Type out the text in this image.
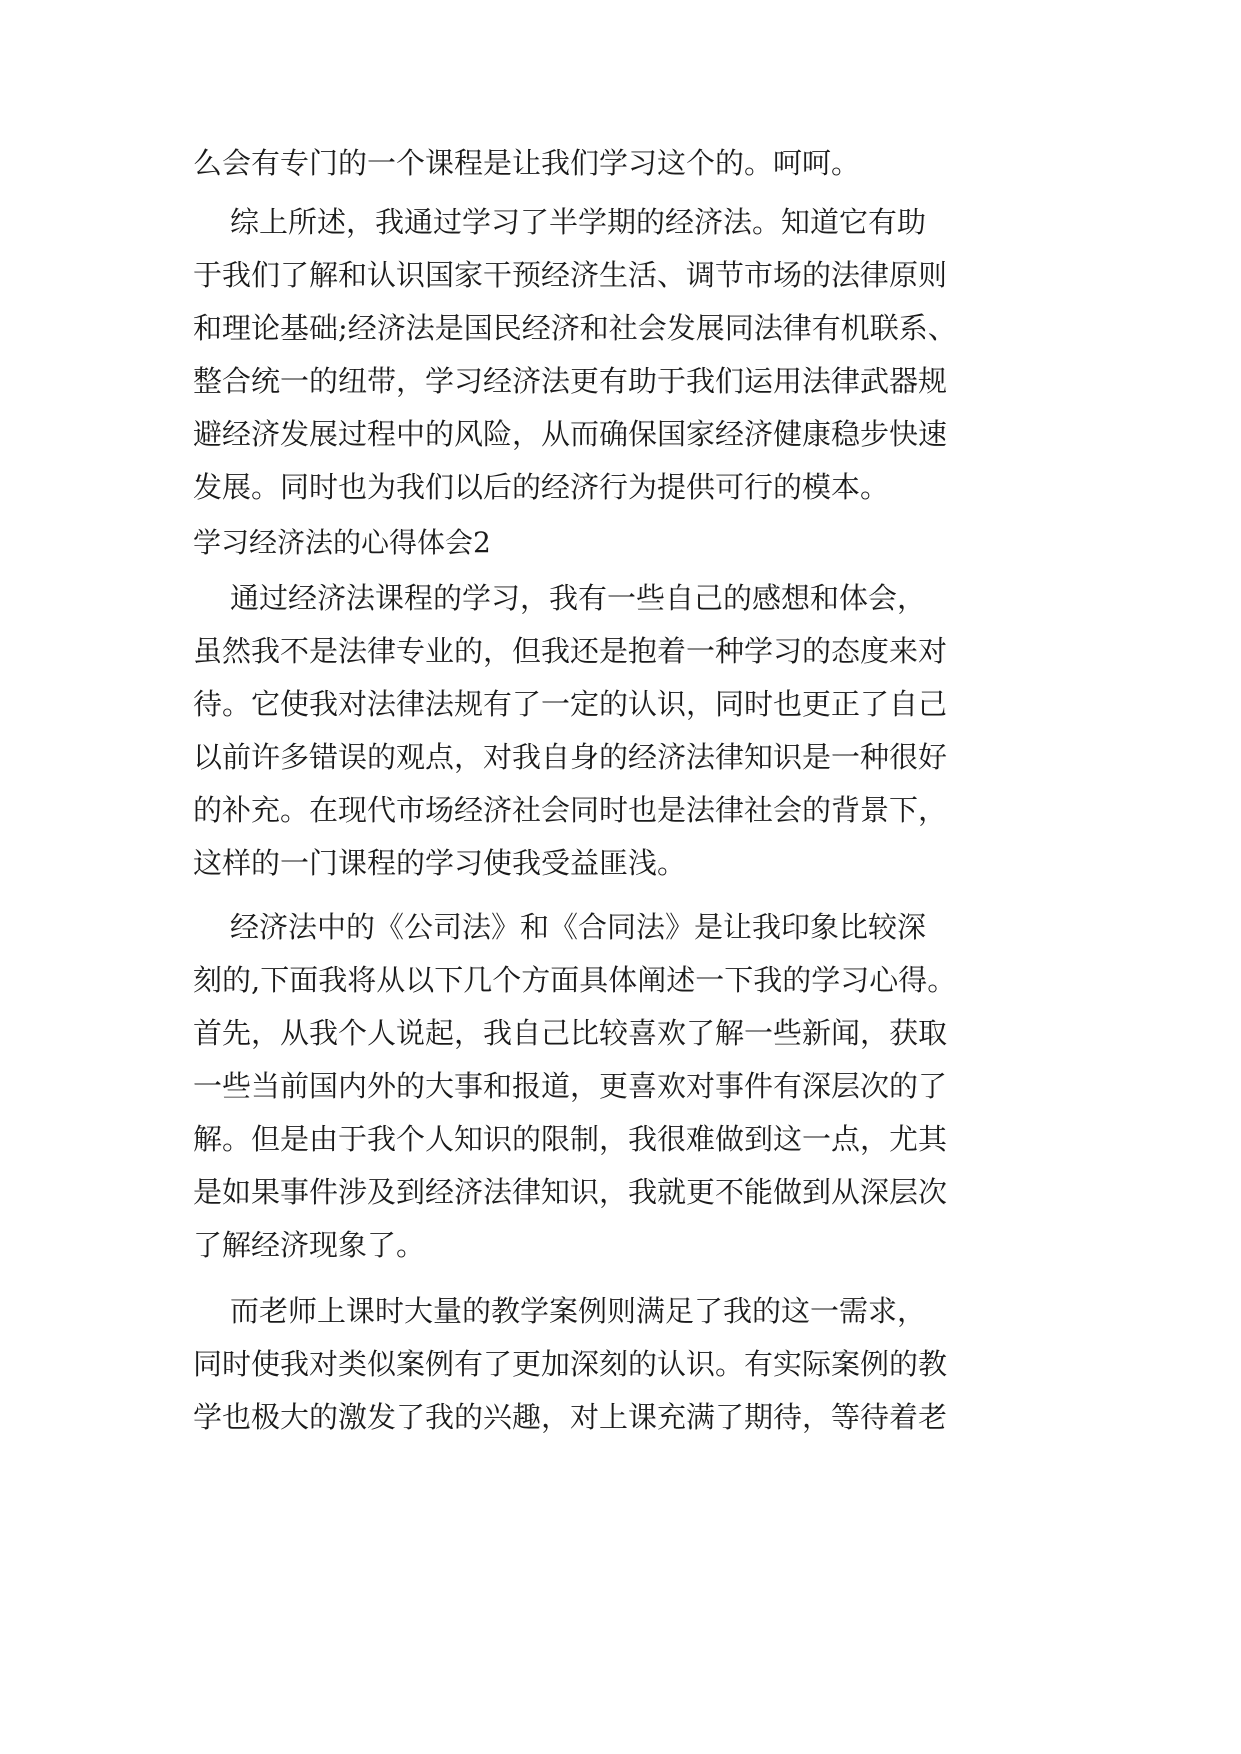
么会有专门的一个课程是让我们学习这个的。呵呵。
综上所述，我通过学习了半学期的经济法。知道它有助
于我们了解和认识国家干预经济生活、调节市场的法律原则
和理论基础;经济法是国民经济和社会发展同法律有机联系、
整合统一的纽带，学习经济法更有助于我们运用法律武器规
避经济发展过程中的风险，从而确保国家经济健康稳步快速
发展。同时也为我们以后的经济行为提供可行的模本。
学习经济法的心得体会2
通过经济法课程的学习，我有一些自己的感想和体会，
虽然我不是法律专业的，但我还是抱着一种学习的态度来对
待。它使我对法律法规有了一定的认识，同时也更正了自己
以前许多错误的观点，对我自身的经济法律知识是一种很好
的补充。在现代市场经济社会同时也是法律社会的背景下，
这样的一门课程的学习使我受益匪浅。
经济法中的《公司法》和《合同法》是让我印象比较深
刻的,下面我将从以下几个方面具体阐述一下我的学习心得。
首先，从我个人说起，我自己比较喜欢了解一些新闻，获取
一些当前国内外的大事和报道，更喜欢对事件有深层次的了
解。但是由于我个人知识的限制，我很难做到这一点，尤其
是如果事件涉及到经济法律知识，我就更不能做到从深层次
了解经济现象了。
而老师上课时大量的教学案例则满足了我的这一需求，
同时使我对类似案例有了更加深刻的认识。有实际案例的教
学也极大的激发了我的兴趣，对上课充满了期待，等待着老
